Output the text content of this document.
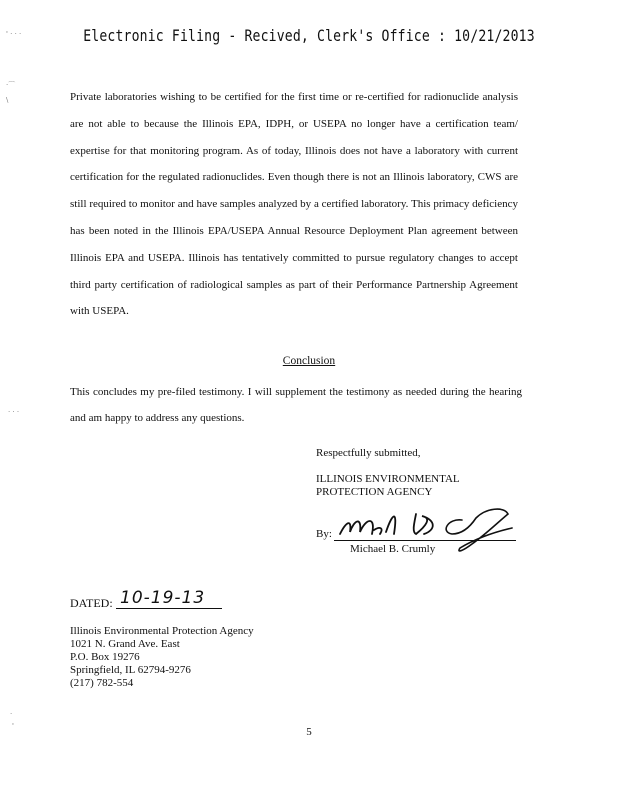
' · · ·
·⌒
\
· · ·
·
'
Electronic Filing - Recived, Clerk's Office : 10/21/2013

Private laboratories wishing to be certified for the first time or re-certified for radionuclide analysis are not able to because the Illinois EPA, IDPH, or USEPA no longer have a certification team/ expertise for that monitoring program. As of today, Illinois does not have a laboratory with current certification for the regulated radionuclides. Even though there is not an Illinois laboratory, CWS are still required to monitor and have samples analyzed by a certified laboratory. This primacy deficiency has been noted in the Illinois EPA/USEPA Annual Resource Deployment Plan agreement between Illinois EPA and USEPA. Illinois has tentatively committed to pursue regulatory changes to accept third party certification of radiological samples as part of their Performance Partnership Agreement with USEPA.

Conclusion

This concludes my pre-filed testimony. I will supplement the testimony as needed during the hearing and am happy to address any questions.

Respectfully submitted,
ILLINOIS ENVIRONMENTAL
PROTECTION AGENCY
By:
Michael B. Crumly
DATED: 10-19-13
Illinois Environmental Protection Agency
1021 N. Grand Ave. East
P.O. Box 19276
Springfield, IL 62794-9276
(217) 782-554
5
